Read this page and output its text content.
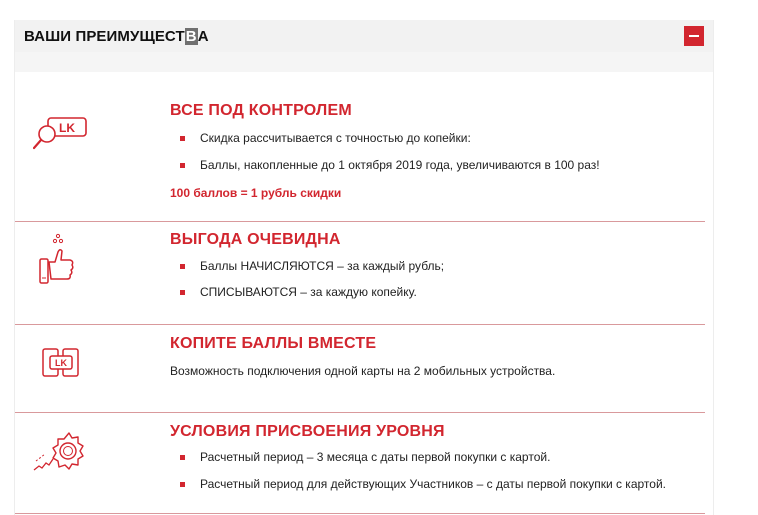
ВАШИ ПРЕИМУЩЕСТВА
LK
ВСЕ ПОД КОНТРОЛЕМ
Скидка рассчитывается с точностью до копейки:
Баллы, накопленные до 1 октября 2019 года, увеличиваются в 100 раз!
100 баллов = 1 рубль скидки
ВЫГОДА ОЧЕВИДНА
Баллы НАЧИСЛЯЮТСЯ – за каждый рубль;
СПИСЫВАЮТСЯ – за каждую копейку.
LK
КОПИТЕ БАЛЛЫ ВМЕСТЕ
Возможность подключения одной карты на 2 мобильных устройства.
УСЛОВИЯ ПРИСВОЕНИЯ УРОВНЯ
Расчетный период – 3 месяца с даты первой покупки с картой.
Расчетный период для действующих Участников – с даты первой покупки с картой.
